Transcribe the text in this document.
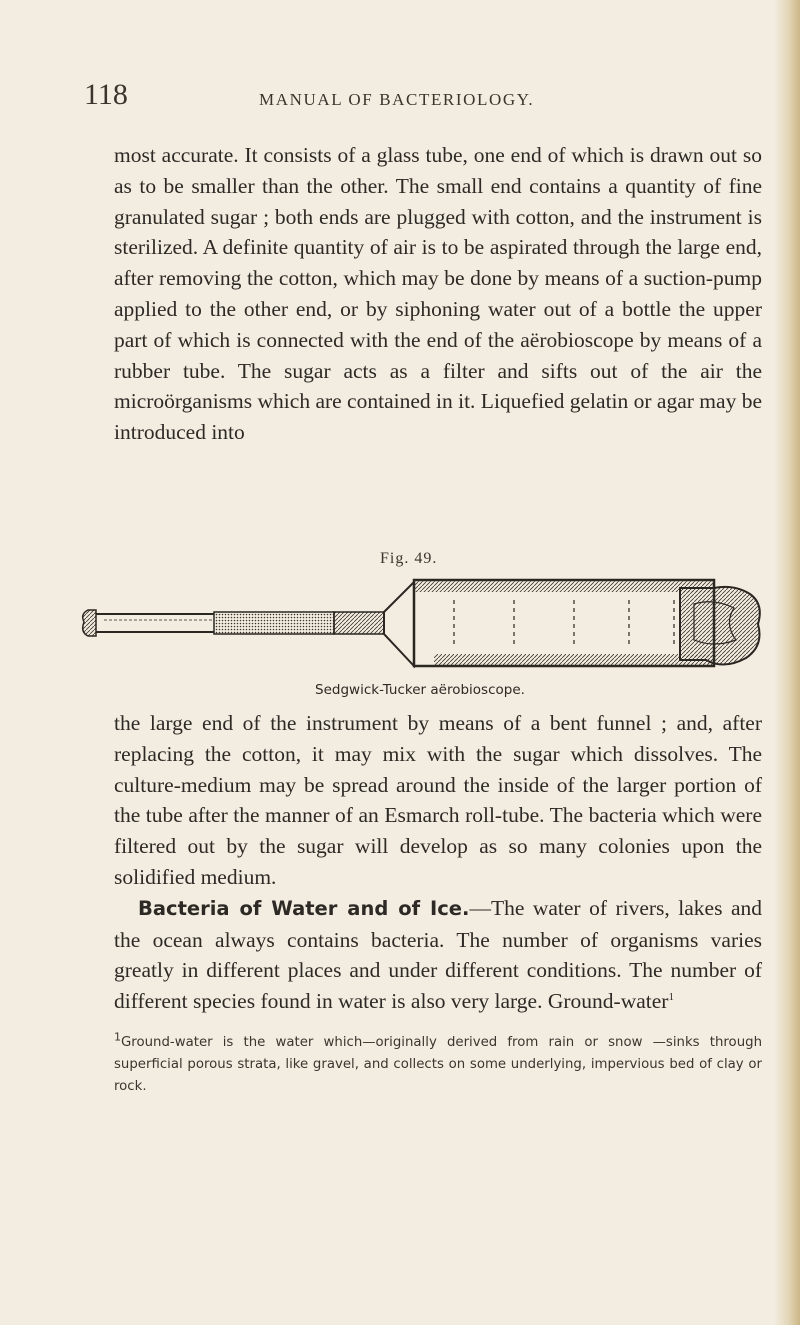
118	MANUAL OF BACTERIOLOGY.

most accurate. It consists of a glass tube, one end of which is drawn out so as to be smaller than the other. The small end contains a quantity of fine granulated sugar ; both ends are plugged with cotton, and the instrument is sterilized. A definite quantity of air is to be aspirated through the large end, after removing the cotton, which may be done by means of a suction-pump applied to the other end, or by siphoning water out of a bottle the upper part of which is connected with the end of the aërobioscope by means of a rubber tube. The sugar acts as a filter and sifts out of the air the microörganisms which are contained in it. Liquefied gelatin or agar may be introduced into

Fig. 49.
Sedgwick-Tucker aërobioscope.

the large end of the instrument by means of a bent funnel ; and, after replacing the cotton, it may mix with the sugar which dissolves. The culture-medium may be spread around the inside of the larger portion of the tube after the manner of an Esmarch roll-tube. The bacteria which were filtered out by the sugar will develop as so many colonies upon the solidified medium.
Bacteria of Water and of Ice.—The water of rivers, lakes and the ocean always contains bacteria. The number of organisms varies greatly in different places and under different conditions. The number of different species found in water is also very large. Ground-water$^1$

$^1$Ground-water is the water which—originally derived from rain or snow —sinks through superficial porous strata, like gravel, and collects on some underlying, impervious bed of clay or rock.
